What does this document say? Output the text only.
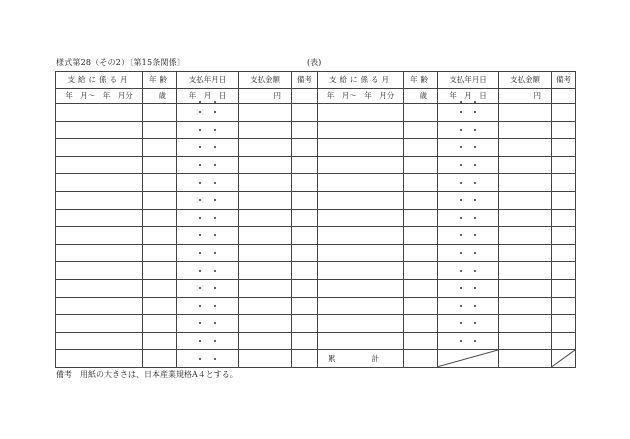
様式第28（その2）〔第15条関係〕	(表)
支給に係る月	年齢	支払年月日	支払金額	備考	支給に係る月	年齢	支払年月日	支払金額	備考
年　月～　 年　月分	歳	年　月　日	円		年　月～　 年　月分	歳	年　月　日	円	

					累 計

備考　用紙の大きさは、日本産業規格A４とする。
